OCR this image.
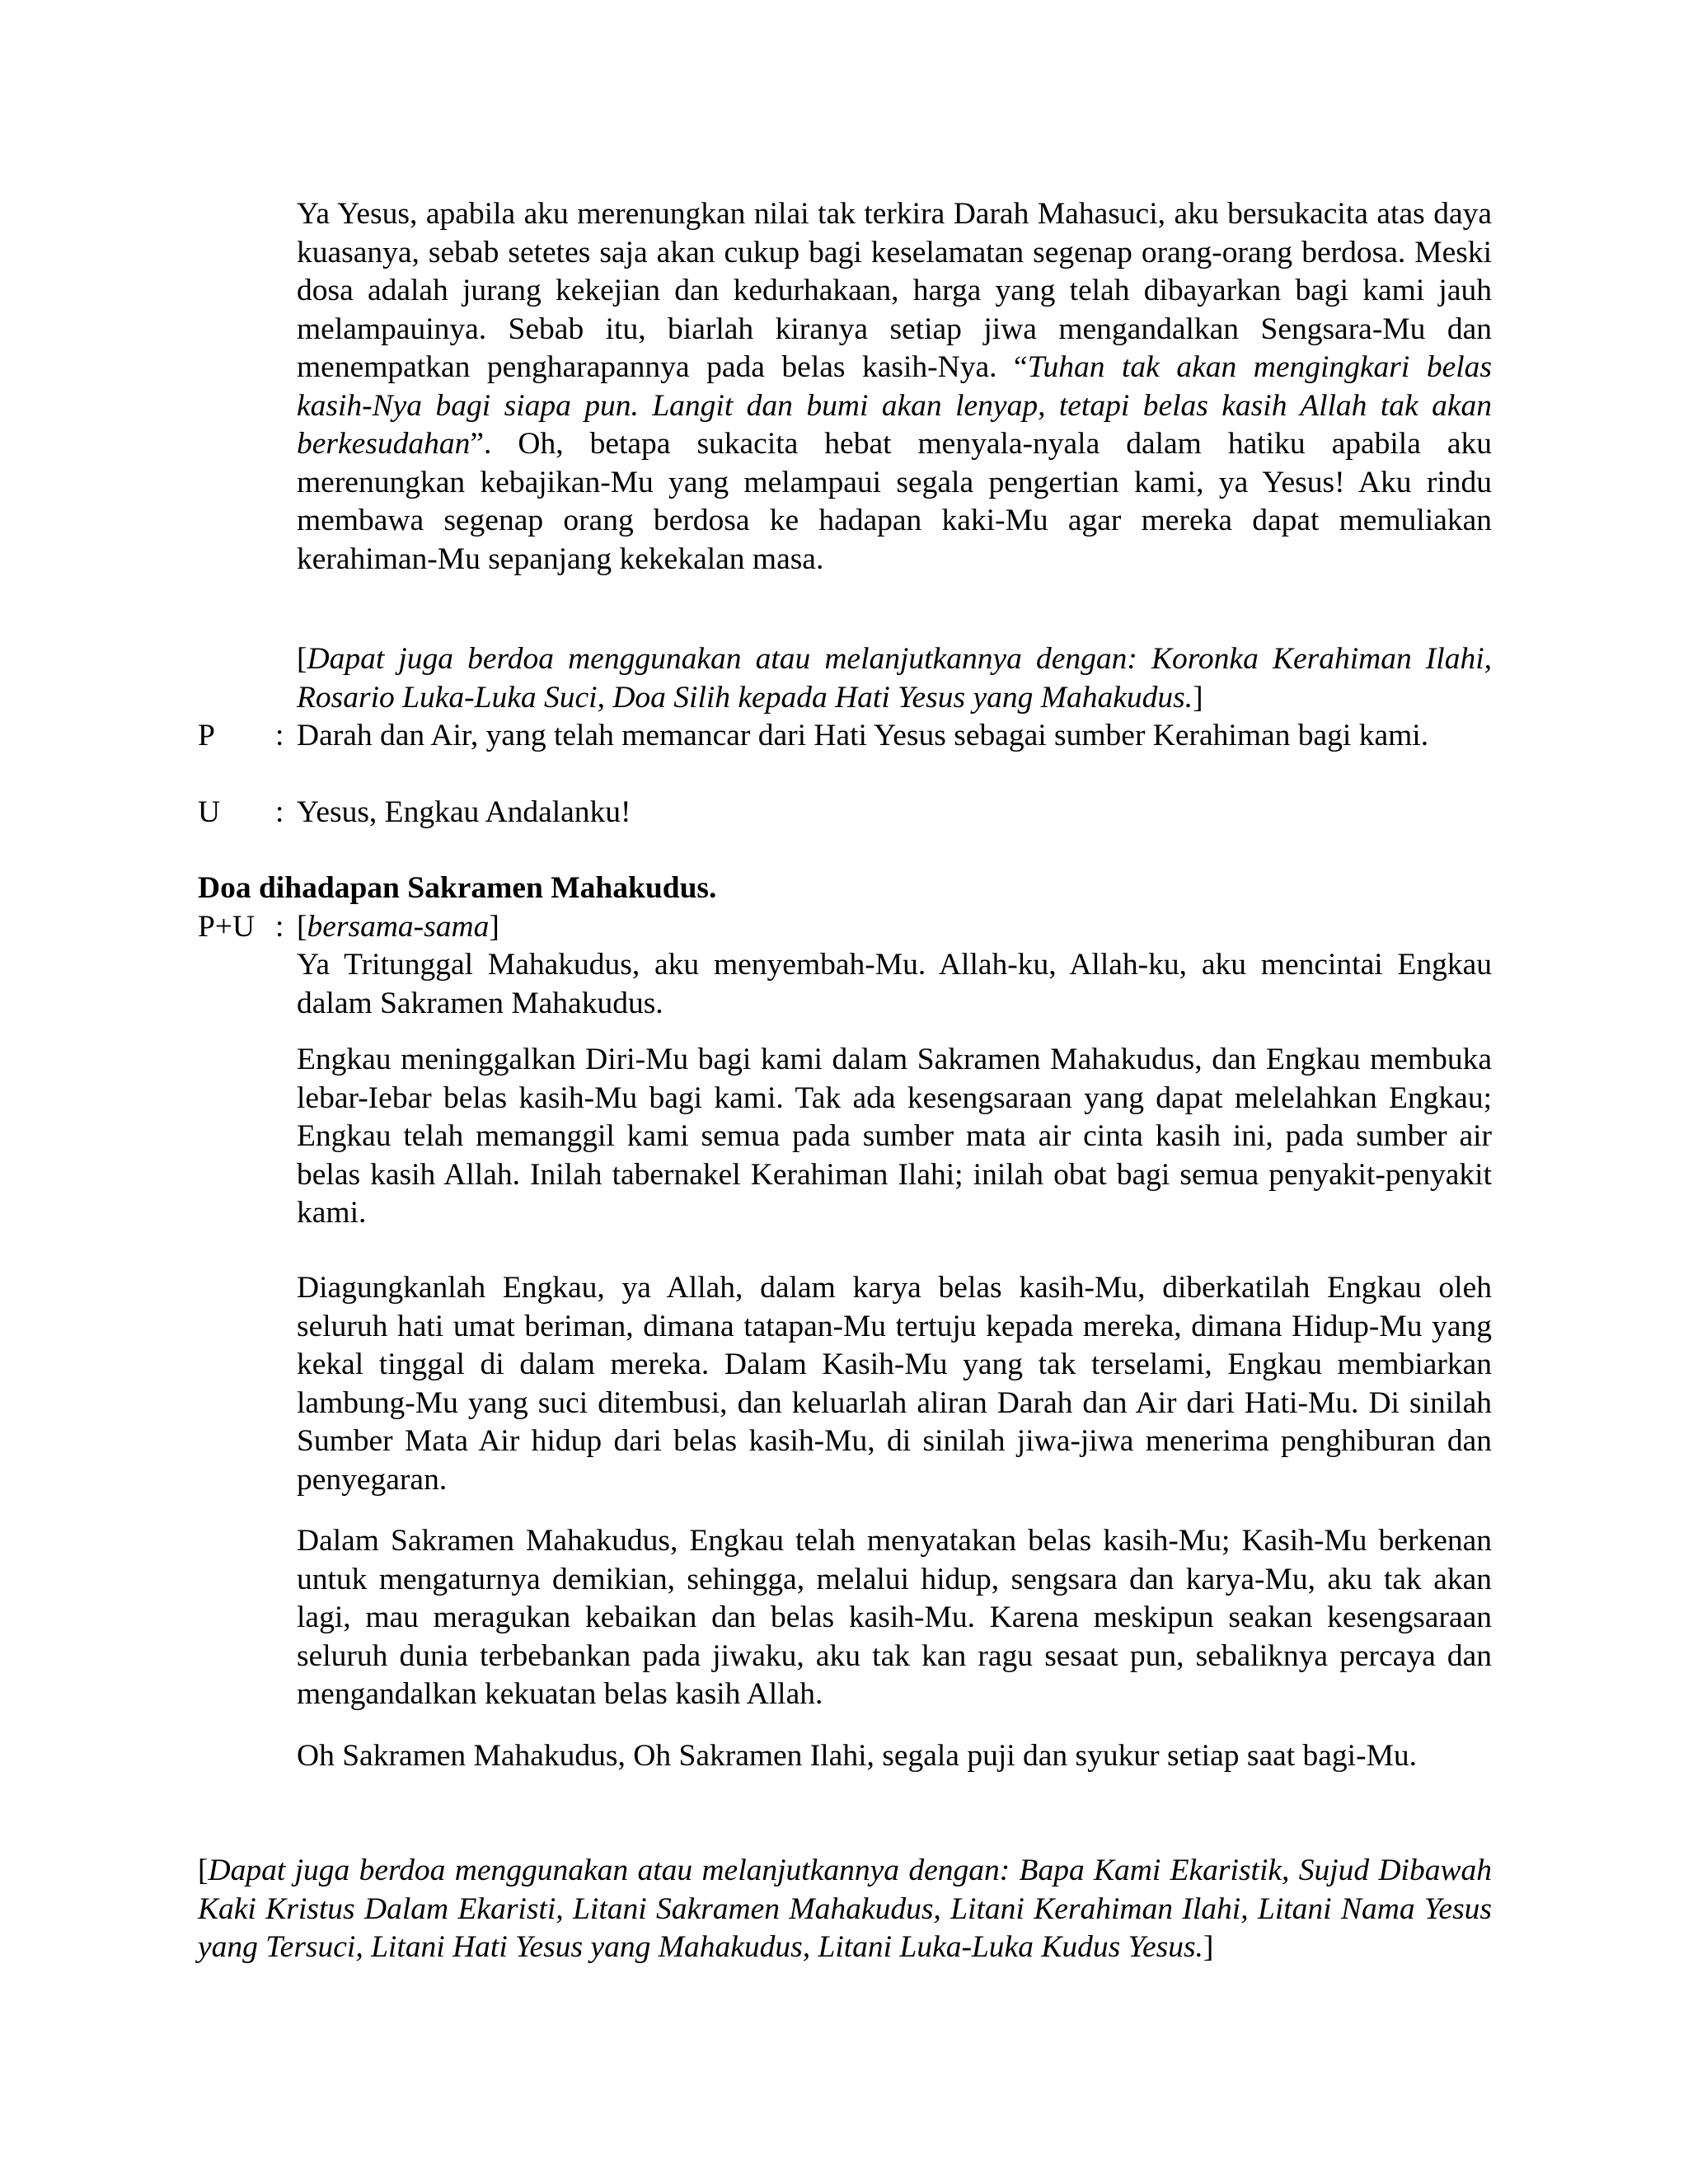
Ya Yesus, apabila aku merenungkan nilai tak terkira Darah Mahasuci, aku bersukacita atas daya kuasanya, sebab setetes saja akan cukup bagi keselamatan segenap orang-orang berdosa. Meski dosa adalah jurang kekejian dan kedurhakaan, harga yang telah dibayarkan bagi kami jauh melampauinya. Sebab itu, biarlah kiranya setiap jiwa mengandalkan Sengsara-Mu dan menempatkan pengharapannya pada belas kasih-Nya. “Tuhan tak akan mengingkari belas kasih-Nya bagi siapa pun. Langit dan bumi akan lenyap, tetapi belas kasih Allah tak akan berkesudahan”. Oh, betapa sukacita hebat menyala-nyala dalam hatiku apabila aku merenungkan kebajikan-Mu yang melampaui segala pengertian kami, ya Yesus! Aku rindu membawa segenap orang berdosa ke hadapan kaki-Mu agar mereka dapat memuliakan kerahiman-Mu sepanjang kekekalan masa.

[Dapat juga berdoa menggunakan atau melanjutkannya dengan: Koronka Kerahiman Ilahi, Rosario Luka-Luka Suci, Doa Silih kepada Hati Yesus yang Mahakudus.]

P : Darah dan Air, yang telah memancar dari Hati Yesus sebagai sumber Kerahiman bagi kami.

U : Yesus, Engkau Andalanku!

Doa dihadapan Sakramen Mahakudus.
P+U : [bersama-sama]

Ya Tritunggal Mahakudus, aku menyembah-Mu. Allah-ku, Allah-ku, aku mencintai Engkau dalam Sakramen Mahakudus.

Engkau meninggalkan Diri-Mu bagi kami dalam Sakramen Mahakudus, dan Engkau membuka lebar-Iebar belas kasih-Mu bagi kami. Tak ada kesengsaraan yang dapat melelahkan Engkau; Engkau telah memanggil kami semua pada sumber mata air cinta kasih ini, pada sumber air belas kasih Allah. Inilah tabernakel Kerahiman Ilahi; inilah obat bagi semua penyakit-penyakit kami.

Diagungkanlah Engkau, ya Allah, dalam karya belas kasih-Mu, diberkatilah Engkau oleh seluruh hati umat beriman, dimana tatapan-Mu tertuju kepada mereka, dimana Hidup-Mu yang kekal tinggal di dalam mereka. Dalam Kasih-Mu yang tak terselami, Engkau membiarkan lambung-Mu yang suci ditembusi, dan keluarlah aliran Darah dan Air dari Hati-Mu. Di sinilah Sumber Mata Air hidup dari belas kasih-Mu, di sinilah jiwa-jiwa menerima penghiburan dan penyegaran.

Dalam Sakramen Mahakudus, Engkau telah menyatakan belas kasih-Mu; Kasih-Mu berkenan untuk mengaturnya demikian, sehingga, melalui hidup, sengsara dan karya-Mu, aku tak akan lagi, mau meragukan kebaikan dan belas kasih-Mu. Karena meskipun seakan kesengsaraan seluruh dunia terbebankan pada jiwaku, aku tak kan ragu sesaat pun, sebaliknya percaya dan mengandalkan kekuatan belas kasih Allah.

Oh Sakramen Mahakudus, Oh Sakramen Ilahi, segala puji dan syukur setiap saat bagi-Mu.

[Dapat juga berdoa menggunakan atau melanjutkannya dengan: Bapa Kami Ekaristik, Sujud Dibawah Kaki Kristus Dalam Ekaristi, Litani Sakramen Mahakudus, Litani Kerahiman Ilahi, Litani Nama Yesus yang Tersuci, Litani Hati Yesus yang Mahakudus, Litani Luka-Luka Kudus Yesus.]
